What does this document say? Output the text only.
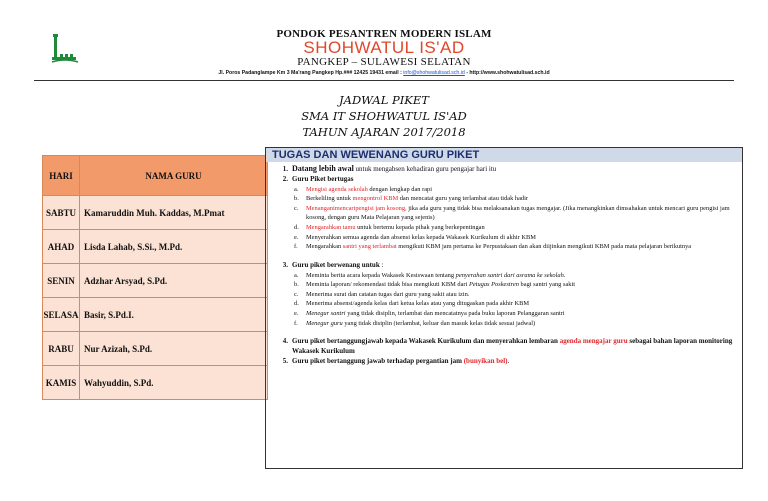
PONDOK PESANTREN MODERN ISLAM
SHOHWATUL IS'AD
PANGKEP – SULAWESI SELATAN
Jl. Poros Padanglampe Km 3 Ma'rang Pangkep Hp.### 12425 19431 email : info@shohwatulisad.sch.id - http://www.shohwatulisad.sch.id
JADWAL PIKET
SMA IT SHOHWATUL IS'AD
TAHUN AJARAN 2017/2018
HARI	NAMA GURU
SABTU	Kamaruddin Muh. Kaddas, M.Pmat
AHAD	Lisda Lahab, S.Si., M.Pd.
SENIN	Adzhar Arsyad, S.Pd.
SELASA	Basir, S.Pd.I.
RABU	Nur Azizah, S.Pd.
KAMIS	Wahyuddin, S.Pd.
TUGAS DAN WEWENANG GURU PIKET
1. Datang lebih awal untuk mengabsen kehadiran guru pengajar hari itu
2. Guru Piket bertugas
a. Mengisi agenda sekolah dengan lengkap dan rapi
b. Berkeliling untuk mengontrol KBM dan mencatat guru yang terlambat atau tidak hadir
c. Menanganimencaripengisi jam kosong, jika ada guru yang tidak bisa melaksanakan tugas mengajar. (Jika menangkinkan dimsahakan untuk mencari guru pengisi jam kosong, dengan guru Mata Pelajaran yang sejenis)
d. Mengarahkan tamu untuk bertemu kepada pihak yang berkepentingan
e. Menyerahkan semua agenda dan absensi kelas kepada Wakasek Kurikulum di akhir KBM
f. Mengarahkan santri yang terlambat mengikuti KBM jam pertama ke Perpustakaan dan akan diijinkan mengikuti KBM pada mata pelajaran berikutnya
3. Guru piket berwenang untuk :
a. Meminta berita acara kepada Wakasek Kesiswaan tentang penyerahan santri dari asrama ke sekolah.
b. Meminta laporan/ rekomendasi tidak bisa mengikuti KBM dari Petugas Poskestren bagi santri yang sakit
c. Menerima surat dan catatan tugas dari guru yang sakit atau izin.
d. Menerima absensi/agenda kelas dari ketua kelas atau yang ditugaskan pada akhir KBM
e. Menegur santri yang tidak disiplin, terlambat dan mencatatnya pada buku laporan Pelanggaran santri
f. Menegur guru yang tidak disiplin (terlambat, keluar dan masuk kelas tidak sesuai jadwal)
4. Guru piket bertanggungjawab kepada Wakasek Kurikulum dan menyerahkan lembaran agenda mengajar guru sebagai bahan laporan monitoring Wakasek Kurikulum
5. Guru piket bertanggung jawab terhadap pergantian jam (bunyikan bel).
